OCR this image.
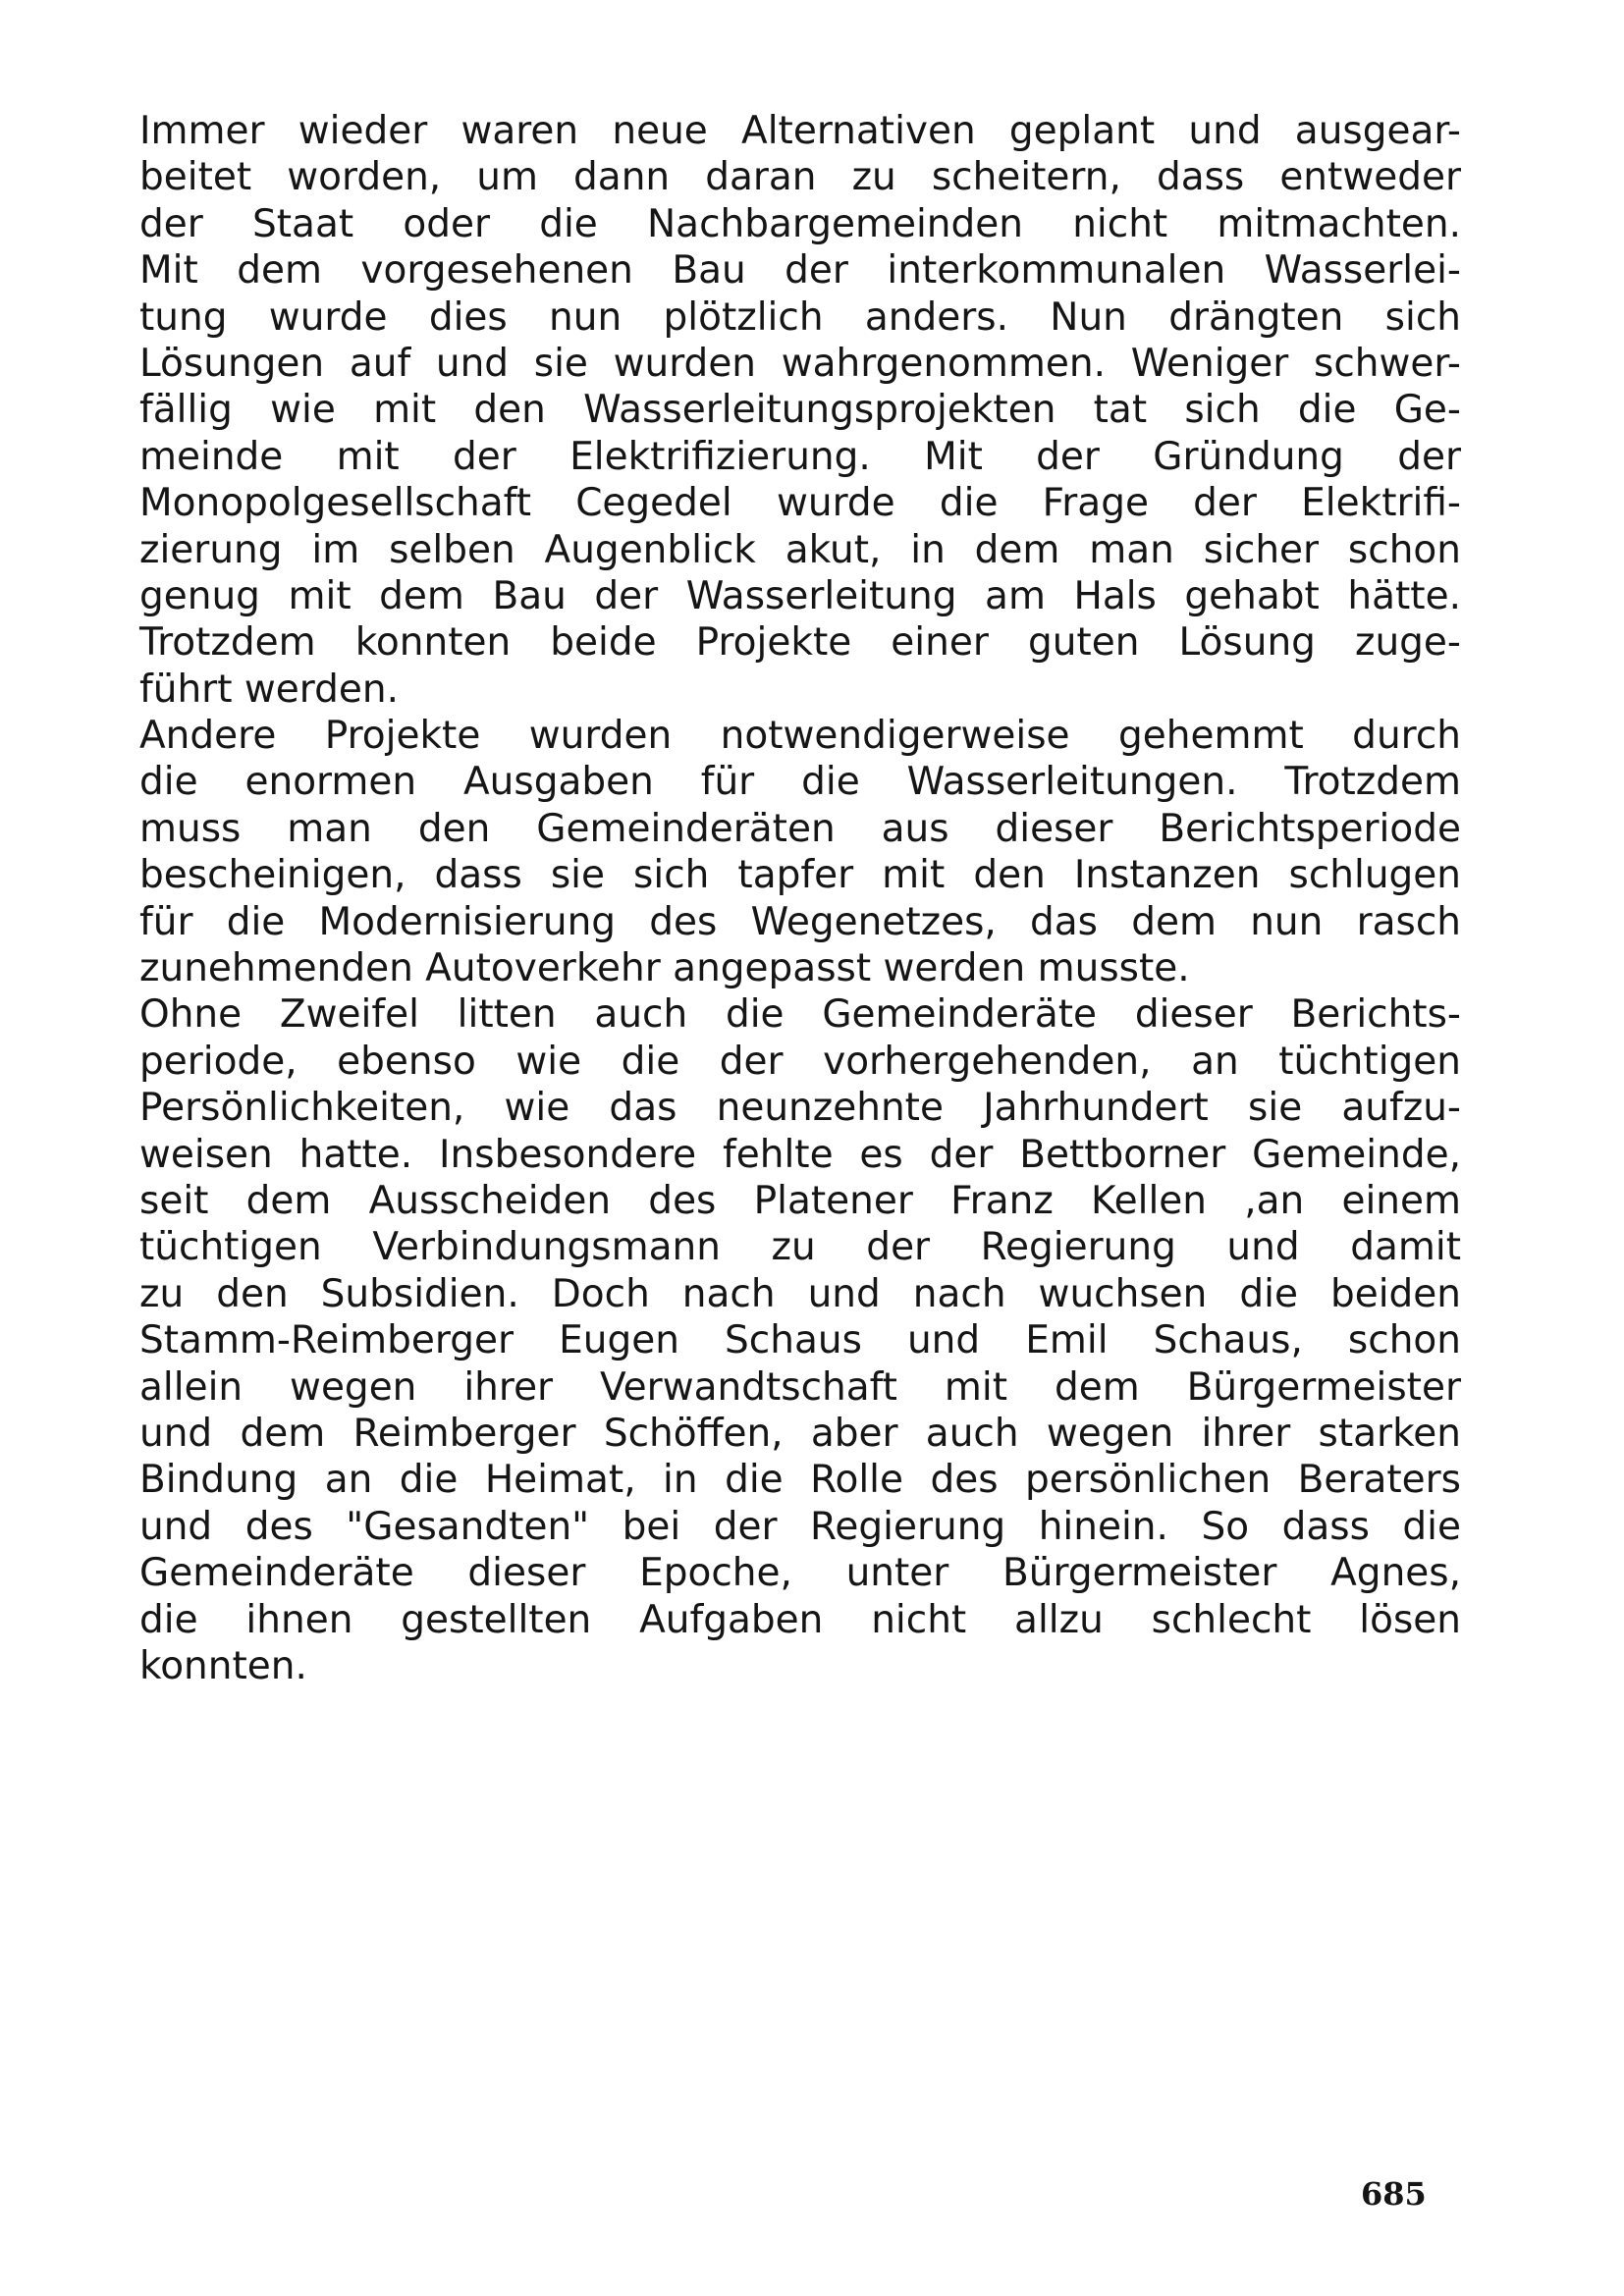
Immer wieder waren neue Alternativen geplant und ausgear-
beitet worden, um dann daran zu scheitern, dass entweder
der Staat oder die Nachbargemeinden nicht mitmachten.
Mit dem vorgesehenen Bau der interkommunalen Wasserlei-
tung wurde dies nun plötzlich anders. Nun drängten sich
Lösungen auf und sie wurden wahrgenommen. Weniger schwer-
fällig wie mit den Wasserleitungsprojekten tat sich die Ge-
meinde mit der Elektrifizierung. Mit der Gründung der
Monopolgesellschaft Cegedel wurde die Frage der Elektrifi-
zierung im selben Augenblick akut, in dem man sicher schon
genug mit dem Bau der Wasserleitung am Hals gehabt hätte.
Trotzdem konnten beide Projekte einer guten Lösung zuge-
führt werden.
Andere Projekte wurden notwendigerweise gehemmt durch
die enormen Ausgaben für die Wasserleitungen. Trotzdem
muss man den Gemeinderäten aus dieser Berichtsperiode
bescheinigen, dass sie sich tapfer mit den Instanzen schlugen
für die Modernisierung des Wegenetzes, das dem nun rasch
zunehmenden Autoverkehr angepasst werden musste.
Ohne Zweifel litten auch die Gemeinderäte dieser Berichts-
periode, ebenso wie die der vorhergehenden, an tüchtigen
Persönlichkeiten, wie das neunzehnte Jahrhundert sie aufzu-
weisen hatte. Insbesondere fehlte es der Bettborner Gemeinde,
seit dem Ausscheiden des Platener Franz Kellen ,an einem
tüchtigen Verbindungsmann zu der Regierung und damit
zu den Subsidien. Doch nach und nach wuchsen die beiden
Stamm-Reimberger Eugen Schaus und Emil Schaus, schon
allein wegen ihrer Verwandtschaft mit dem Bürgermeister
und dem Reimberger Schöffen, aber auch wegen ihrer starken
Bindung an die Heimat, in die Rolle des persönlichen Beraters
und des "Gesandten" bei der Regierung hinein. So dass die
Gemeinderäte dieser Epoche, unter Bürgermeister Agnes,
die ihnen gestellten Aufgaben nicht allzu schlecht lösen
konnten.
685
